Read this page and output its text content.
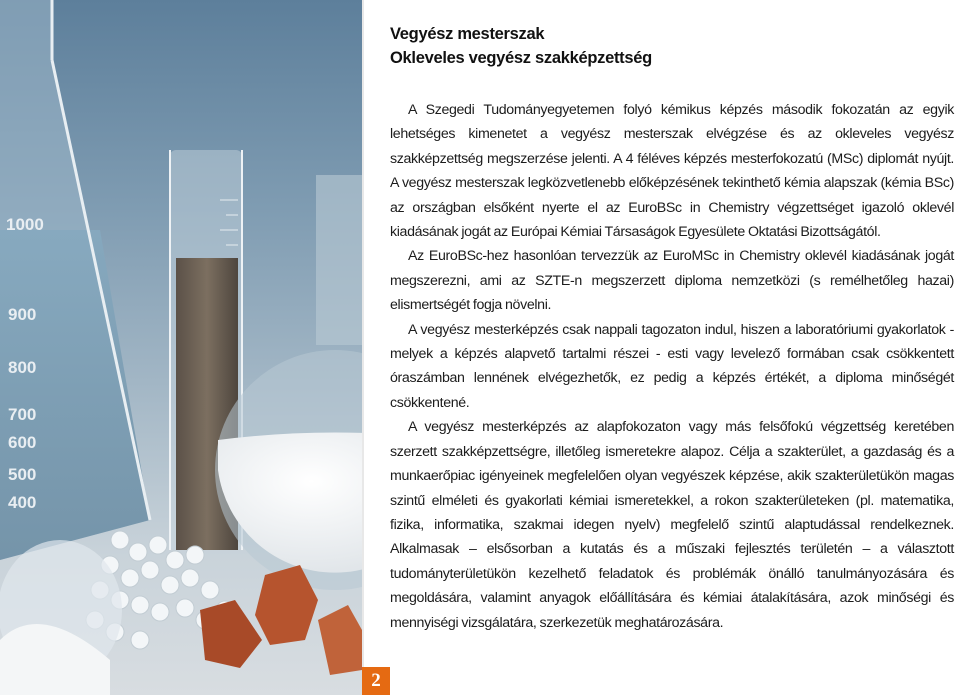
1000
900
800
700
600
500
400
2
Vegyész mesterszak
Okleveles vegyész szakképzettség

A Szegedi Tudományegyetemen folyó kémikus képzés második fokozatán az egyik lehetséges kimenetet a vegyész mesterszak elvégzése és az okleveles vegyész szakképzettség megszerzése jelenti. A 4 féléves képzés mesterfokozatú (MSc) diplomát nyújt. A vegyész mesterszak legközvetlenebb előképzésének tekinthető kémia alapszak (kémia BSc) az országban elsőként nyerte el az EuroBSc in Chemistry végzettséget igazoló oklevél kiadásának jogát az Európai Kémiai Társaságok Egyesülete Oktatási Bizottságától.

Az EuroBSc-hez hasonlóan tervezzük az EuroMSc in Chemistry oklevél kiadásának jogát megszerezni, ami az SZTE-n megszerzett diploma nemzetközi (s remélhetőleg hazai) elismertségét fogja növelni.

A vegyész mesterképzés csak nappali tagozaton indul, hiszen a laboratóriumi gyakorlatok - melyek a képzés alapvető tartalmi részei - esti vagy levelező formában csak csökkentett óraszámban lennének elvégezhetők, ez pedig a képzés értékét, a diploma minőségét csökkentené.

A vegyész mesterképzés az alapfokozaton vagy más felsőfokú végzettség keretében szerzett szakképzettségre, illetőleg ismeretekre alapoz. Célja a szakterület, a gazdaság és a munkaerőpiac igényeinek megfelelően olyan vegyészek képzése, akik szakterületükön magas szintű elméleti és gyakorlati kémiai ismeretekkel, a rokon szakterületeken (pl. matematika, fizika, informatika, szakmai idegen nyelv) megfelelő szintű alaptudással rendelkeznek. Alkalmasak – elsősorban a kutatás és a műszaki fejlesztés területén – a választott tudományterületükön kezelhető feladatok és problémák önálló tanulmányozására és megoldására, valamint anyagok előállítására és kémiai átalakítására, azok minőségi és mennyiségi vizsgálatára, szerkezetük meghatározására.
